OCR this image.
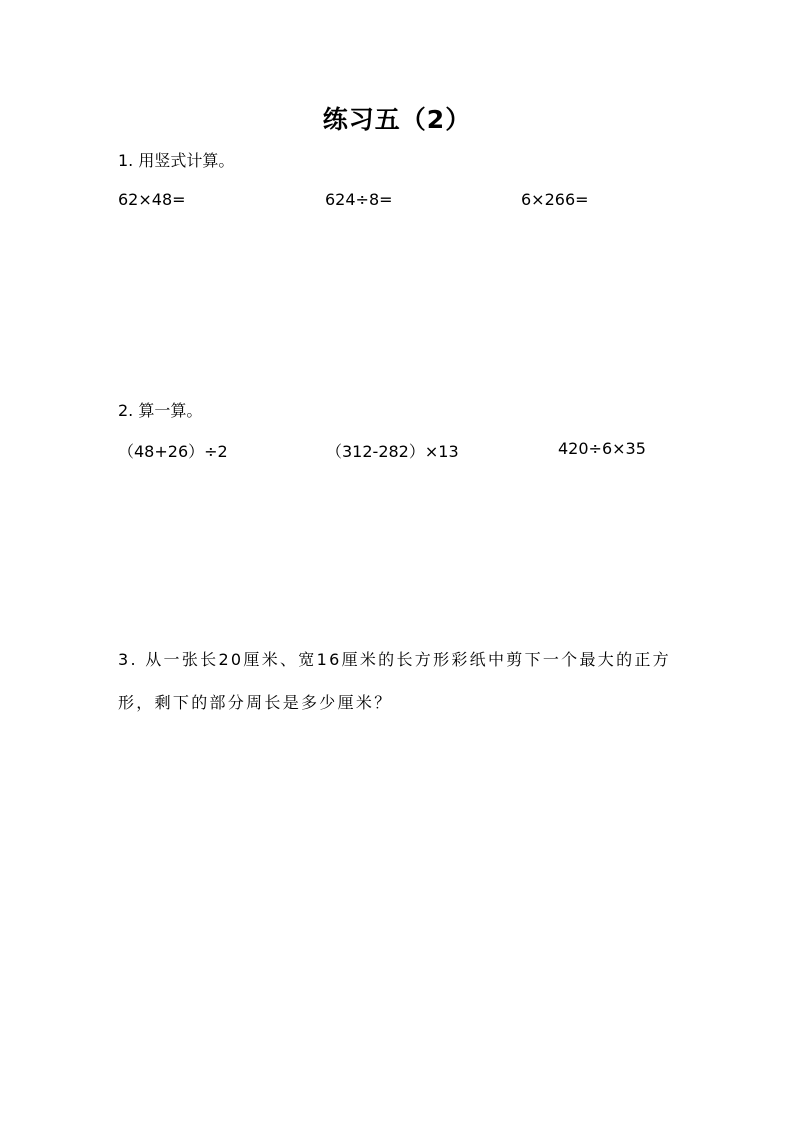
练习五（2）
1. 用竖式计算。
62×48=	624÷8=	6×266=
2. 算一算。
（48+26）÷2	（312-282）×13	420÷6×35
3. 从一张长20厘米、宽16厘米的长方形彩纸中剪下一个最大的正方
形，剩下的部分周长是多少厘米？
